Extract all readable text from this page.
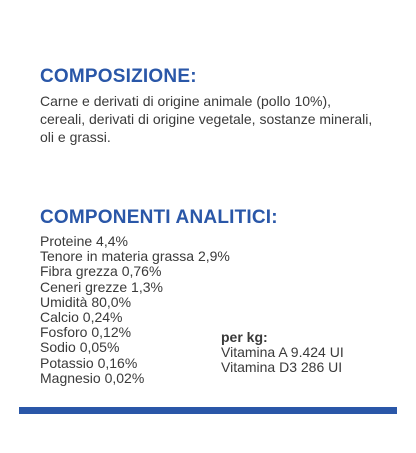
COMPOSIZIONE:

Carne e derivati di origine animale (pollo 10%), cereali, derivati di origine vegetale, sostanze minerali, oli e grassi.

COMPONENTI ANALITICI:
Proteine 4,4%
Tenore in materia grassa 2,9%
Fibra grezza 0,76%
Ceneri grezze 1,3%
Umidità 80,0%
Calcio 0,24%
Fosforo 0,12%
Sodio 0,05%
Potassio 0,16%
Magnesio 0,02%
per kg:
Vitamina A 9.424 UI
Vitamina D3 286 UI
